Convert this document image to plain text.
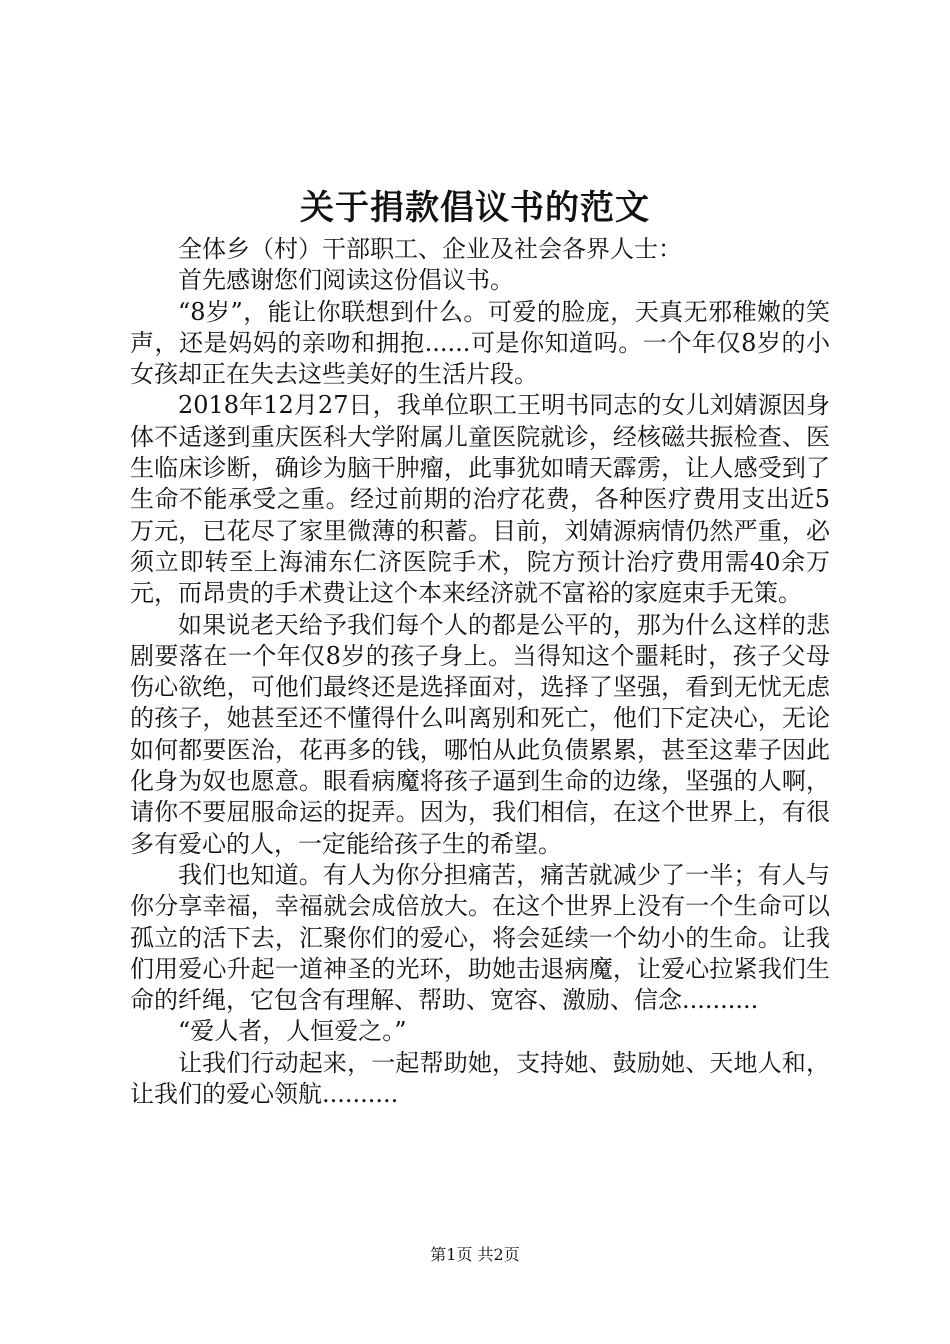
关于捐款倡议书的范文

全体乡（村）干部职工、企业及社会各界人士：

首先感谢您们阅读这份倡议书。

“8岁”，能让你联想到什么。可爱的脸庞，天真无邪稚嫩的笑声，还是妈妈的亲吻和拥抱......可是你知道吗。一个年仅8岁的小女孩却正在失去这些美好的生活片段。

2018年12月27日，我单位职工王明书同志的女儿刘婧源因身体不适遂到重庆医科大学附属儿童医院就诊，经核磁共振检查、医生临床诊断，确诊为脑干肿瘤，此事犹如晴天霹雳，让人感受到了生命不能承受之重。经过前期的治疗花费，各种医疗费用支出近5万元，已花尽了家里微薄的积蓄。目前，刘婧源病情仍然严重，必须立即转至上海浦东仁济医院手术，院方预计治疗费用需40余万元，而昂贵的手术费让这个本来经济就不富裕的家庭束手无策。

如果说老天给予我们每个人的都是公平的，那为什么这样的悲剧要落在一个年仅8岁的孩子身上。当得知这个噩耗时，孩子父母伤心欲绝，可他们最终还是选择面对，选择了坚强，看到无忧无虑的孩子，她甚至还不懂得什么叫离别和死亡，他们下定决心，无论如何都要医治，花再多的钱，哪怕从此负债累累，甚至这辈子因此化身为奴也愿意。眼看病魔将孩子逼到生命的边缘，坚强的人啊，请你不要屈服命运的捉弄。因为，我们相信，在这个世界上，有很多有爱心的人，一定能给孩子生的希望。

我们也知道。有人为你分担痛苦，痛苦就减少了一半；有人与你分享幸福，幸福就会成倍放大。在这个世界上没有一个生命可以孤立的活下去，汇聚你们的爱心，将会延续一个幼小的生命。让我们用爱心升起一道神圣的光环，助她击退病魔，让爱心拉紧我们生命的纤绳，它包含有理解、帮助、宽容、激励、信念..........

“爱人者，人恒爱之。”

让我们行动起来，一起帮助她，支持她、鼓励她、天地人和，让我们的爱心领航..........

第1页 共2页
